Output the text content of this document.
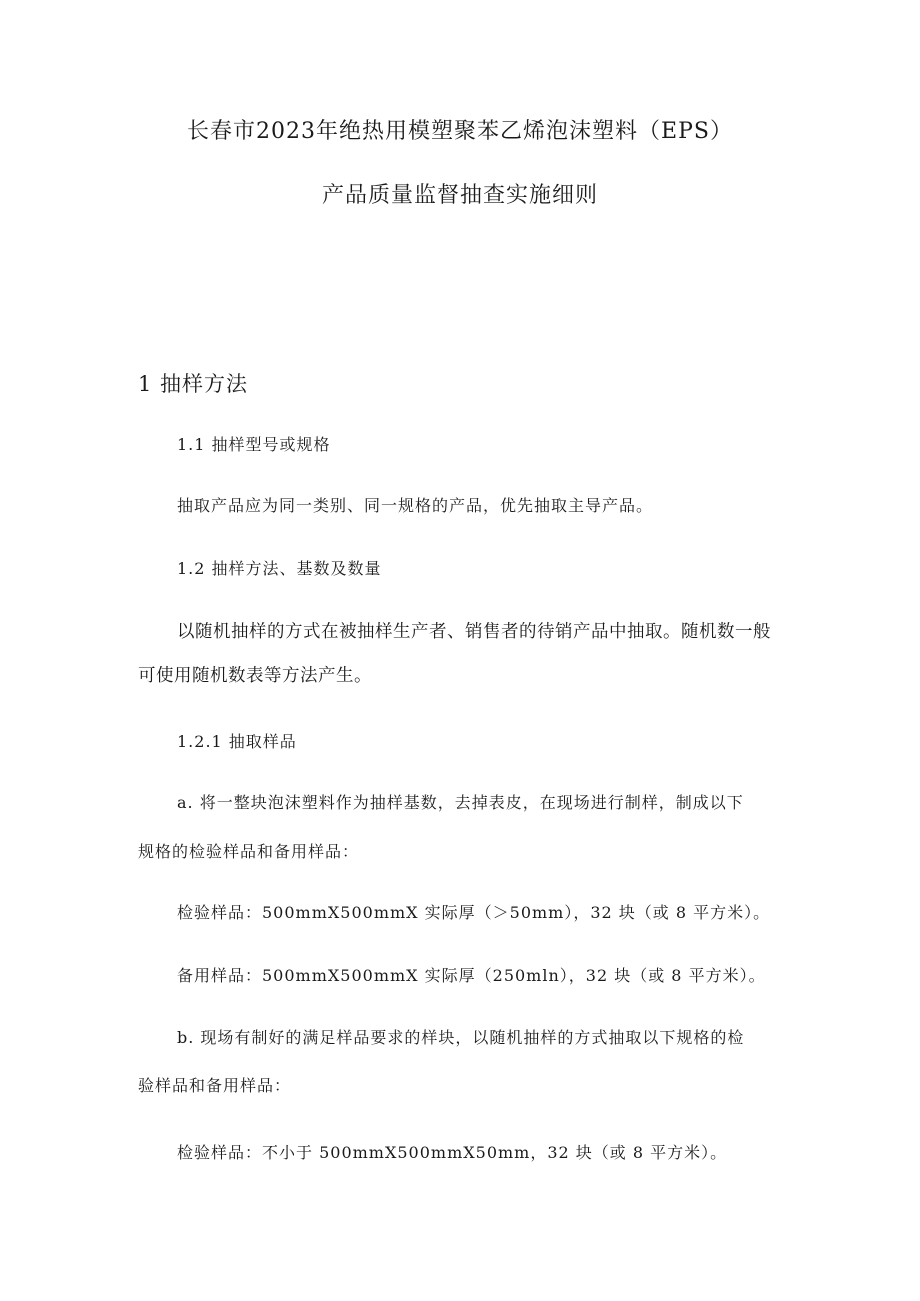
长春市2023年绝热用模塑聚苯乙烯泡沫塑料（EPS）
产品质量监督抽查实施细则
1 抽样方法
1.1 抽样型号或规格
抽取产品应为同一类别、同一规格的产品，优先抽取主导产品。
1.2 抽样方法、基数及数量
以随机抽样的方式在被抽样生产者、销售者的待销产品中抽取。随机数一般
可使用随机数表等方法产生。
1.2.1 抽取样品
a. 将一整块泡沫塑料作为抽样基数，去掉表皮，在现场进行制样，制成以下
规格的检验样品和备用样品：
检验样品：500mmX500mmX 实际厚（＞50mm），32 块（或 8 平方米）。
备用样品：500mmX500mmX 实际厚（250mln），32 块（或 8 平方米）。
b. 现场有制好的满足样品要求的样块，以随机抽样的方式抽取以下规格的检
验样品和备用样品：
检验样品：不小于 500mmX500mmX50mm，32 块（或 8 平方米）。
